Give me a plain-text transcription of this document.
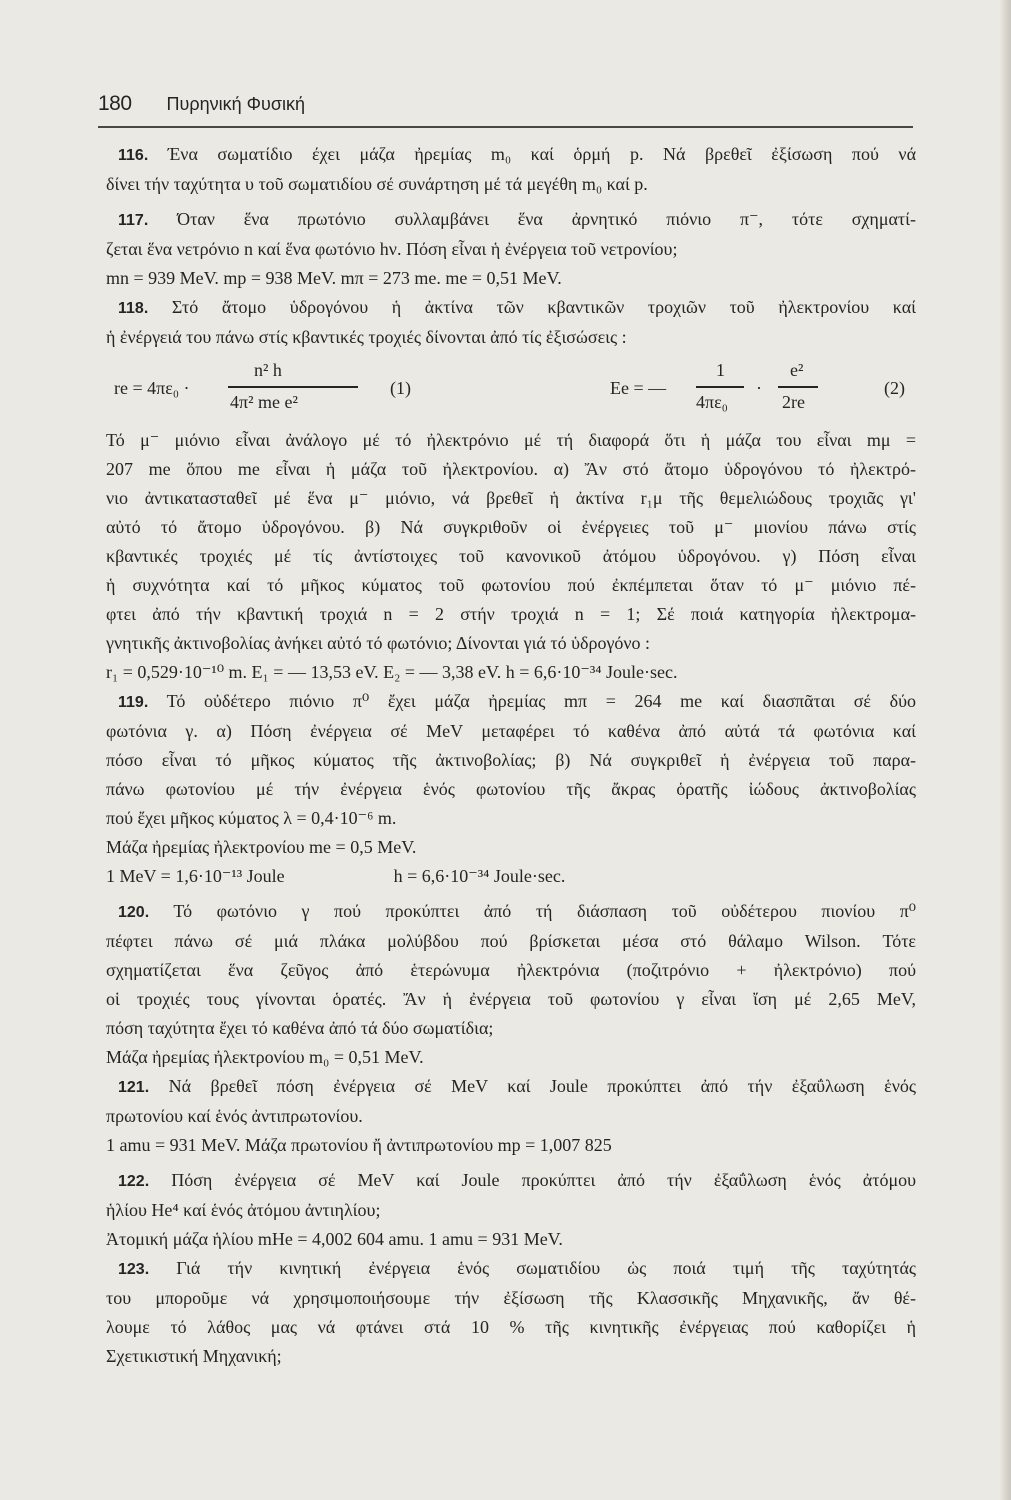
180 Πυρηνική Φυσική

116. Ένα σωματίδιο έχει μάζα ἠρεμίας m₀ καί ὁρμή p. Νά βρεθεῖ ἐξίσωση πού νά

δίνει τήν ταχύτητα υ τοῦ σωματιδίου σέ συνάρτηση μέ τά μεγέθη m₀ καί p.

117. Όταν ἕνα πρωτόνιο συλλαμβάνει ἕνα ἀρνητικό πιόνιο π⁻, τότε σχηματί-

ζεται ἕνα νετρόνιο n καί ἕνα φωτόνιο hν. Πόση εἶναι ἡ ἐνέργεια τοῦ νετρονίου;

mn = 939 MeV. mp = 938 MeV. mπ = 273 me. me = 0,51 MeV.

118. Στό ἄτομο ὑδρογόνου ἡ ἀκτίνα τῶν κβαντικῶν τροχιῶν τοῦ ἠλεκτρονίου καί

ἡ ἐνέργειά του πάνω στίς κβαντικές τροχιές δίνονται ἀπό τίς ἐξισώσεις :

re = 4πε₀ ·
n² h
4π² me e²
(1)	Ee = —
1
4πε₀
·
e²
2re
(2)

Τό μ⁻ μιόνιο εἶναι ἀνάλογο μέ τό ἠλεκτρόνιο μέ τή διαφορά ὅτι ἡ μάζα του εἶναι mμ =

207 me ὅπου me εἶναι ἡ μάζα τοῦ ἠλεκτρονίου. α) Ἄν στό ἄτομο ὑδρογόνου τό ἠλεκτρό-

νιο ἀντικατασταθεῖ μέ ἕνα μ⁻ μιόνιο, νά βρεθεῖ ἡ ἀκτίνα r₁μ τῆς θεμελιώδους τροχιᾶς γι'

αὐτό τό ἄτομο ὑδρογόνου. β) Νά συγκριθοῦν οἱ ἐνέργειες τοῦ μ⁻ μιονίου πάνω στίς

κβαντικές τροχιές μέ τίς ἀντίστοιχες τοῦ κανονικοῦ ἀτόμου ὑδρογόνου. γ) Πόση εἶναι

ἡ συχνότητα καί τό μῆκος κύματος τοῦ φωτονίου πού ἐκπέμπεται ὅταν τό μ⁻ μιόνιο πέ-

φτει ἀπό τήν κβαντική τροχιά n = 2 στήν τροχιά n = 1; Σέ ποιά κατηγορία ἠλεκτρομα-

γνητικῆς ἀκτινοβολίας ἀνήκει αὐτό τό φωτόνιο; Δίνονται γιά τό ὑδρογόνο :

r₁ = 0,529·10⁻¹⁰ m. E₁ = — 13,53 eV. E₂ = — 3,38 eV. h = 6,6·10⁻³⁴ Joule·sec.

119. Τό οὐδέτερο πιόνιο π⁰ ἔχει μάζα ἠρεμίας mπ = 264 me καί διασπᾶται σέ δύο

φωτόνια γ. α) Πόση ἐνέργεια σέ MeV μεταφέρει τό καθένα ἀπό αὐτά τά φωτόνια καί

πόσο εἶναι τό μῆκος κύματος τῆς ἀκτινοβολίας; β) Νά συγκριθεῖ ἡ ἐνέργεια τοῦ παρα-

πάνω φωτονίου μέ τήν ἐνέργεια ἑνός φωτονίου τῆς ἄκρας ὁρατῆς ἰώδους ἀκτινοβολίας

πού ἔχει μῆκος κύματος λ = 0,4·10⁻⁶ m.

Μάζα ἠρεμίας ἠλεκτρονίου me = 0,5 MeV.

1 MeV = 1,6·10⁻¹³ Joule	h = 6,6·10⁻³⁴ Joule·sec.

120. Τό φωτόνιο γ πού προκύπτει ἀπό τή διάσπαση τοῦ οὐδέτερου πιονίου π⁰

πέφτει πάνω σέ μιά πλάκα μολύβδου πού βρίσκεται μέσα στό θάλαμο Wilson. Τότε

σχηματίζεται ἕνα ζεῦγος ἀπό ἑτερώνυμα ἠλεκτρόνια (ποζιτρόνιο + ἠλεκτρόνιο) πού

οἱ τροχιές τους γίνονται ὁρατές. Ἄν ἡ ἐνέργεια τοῦ φωτονίου γ εἶναι ἴση μέ 2,65 MeV,

πόση ταχύτητα ἔχει τό καθένα ἀπό τά δύο σωματίδια;

Μάζα ἠρεμίας ἠλεκτρονίου m₀ = 0,51 MeV.

121. Νά βρεθεῖ πόση ἐνέργεια σέ MeV καί Joule προκύπτει ἀπό τήν ἐξαΰλωση ἑνός

πρωτονίου καί ἑνός ἀντιπρωτονίου.

1 amu = 931 MeV. Μάζα πρωτονίου ἤ ἀντιπρωτονίου mp = 1,007 825

122. Πόση ἐνέργεια σέ MeV καί Joule προκύπτει ἀπό τήν ἐξαΰλωση ἑνός ἀτόμου

ἡλίου He⁴ καί ἑνός ἀτόμου ἀντιηλίου;

Ἀτομική μάζα ἡλίου mHe = 4,002 604 amu. 1 amu = 931 MeV.

123. Γιά τήν κινητική ἐνέργεια ἑνός σωματιδίου ὡς ποιά τιμή τῆς ταχύτητάς

του μποροῦμε νά χρησιμοποιήσουμε τήν ἐξίσωση τῆς Κλασσικῆς Μηχανικῆς, ἄν θέ-

λουμε τό λάθος μας νά φτάνει στά 10 % τῆς κινητικῆς ἐνέργειας πού καθορίζει ἡ

Σχετικιστική Μηχανική;
